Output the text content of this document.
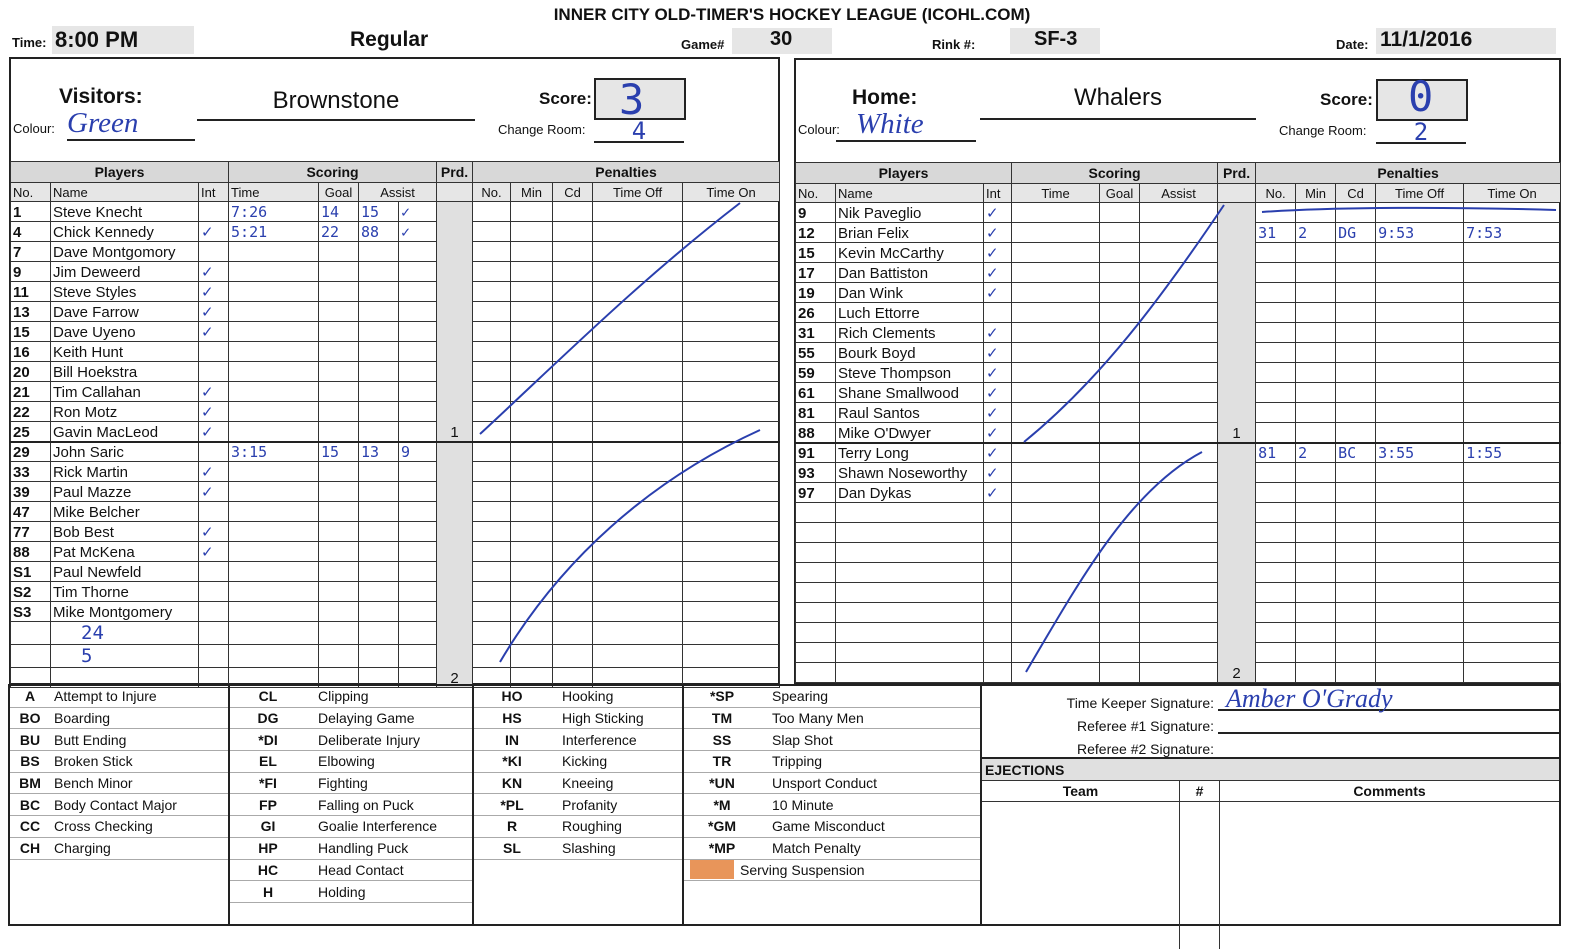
INNER CITY OLD-TIMER'S HOCKEY LEAGUE (ICOHL.COM)
Time: 8:00 PM	Regular	Game# 30	Rink #:	SF-3	Date: 11/1/2016
Visitors:	Brownstone
Colour: Green
Score: 3
Change Room:	4
Players			Scoring				Prd.	Penalties				
No.	Name	Int	Time	Goal	Assist			No.	Min	Cd	Time Off	Time On
1	Steve Knecht		7:26	14	15	✓	1					
4	Chick Kennedy	✓	5:21	22	88	✓						
7	Dave Montgomory											
9	Jim Deweerd	✓										
11	Steve Styles	✓										
13	Dave Farrow	✓										
15	Dave Uyeno	✓										
16	Keith Hunt											
20	Bill Hoekstra											
21	Tim Callahan	✓										
22	Ron Motz	✓										
25	Gavin MacLeod	✓										
29	John Saric		3:15	15	13	9	2					
33	Rick Martin	✓										
39	Paul Mazze	✓										
47	Mike Belcher											
77	Bob Best	✓										
88	Pat McKena	✓										
S1	Paul Newfeld											
S2	Tim Thorne											
S3	Mike Montgomery											
	24											
	5											

Home:	Whalers
Colour: White
Score: 0
Change Room:	2
Players			Scoring			Prd.	Penalties				
No.	Name	Int	Time	Goal	Assist		No.	Min	Cd	Time Off	Time On
9	Nik Paveglio	✓				1					
12	Brian Felix	✓					31	2	DG	9:53	7:53
15	Kevin McCarthy	✓									
17	Dan Battiston	✓									
19	Dan Wink	✓									
26	Luch Ettorre										
31	Rich Clements	✓									
55	Bourk Boyd	✓									
59	Steve Thompson	✓									
61	Shane Smallwood	✓									
81	Raul Santos	✓									
88	Mike O'Dwyer	✓									
91	Terry Long	✓				2	81	2	BC	3:55	1:55
93	Shawn Noseworthy	✓									
97	Dan Dykas	✓									

A	Attempt to Injure
BO Boarding
BU Butt Ending
BS	Broken Stick
BM Bench Minor
BC Body Contact Major
CC Cross Checking
CH Charging
CL	Clipping
DG	Delaying Game
*DI	Deliberate Injury
EL	Elbowing
*FI	Fighting
FP	Falling on Puck
GI	Goalie Interference
HP	Handling Puck
HC	Head Contact
H	Holding
HO	Hooking
HS	High Sticking
IN	Interference
*KI	Kicking
KN	Kneeing
*PL	Profanity
R	Roughing
SL	Slashing
*SP	Spearing
TM	Too Many Men
SS	Slap Shot
TR	Tripping
*UN	Unsport Conduct
*M	10 Minute
*GM	Game Misconduct
*MP	Match Penalty
Serving Suspension
Time Keeper Signature: Amber O'Grady
Referee #1 Signature:
Referee #2 Signature:
EJECTIONS
Team	#	Comments
